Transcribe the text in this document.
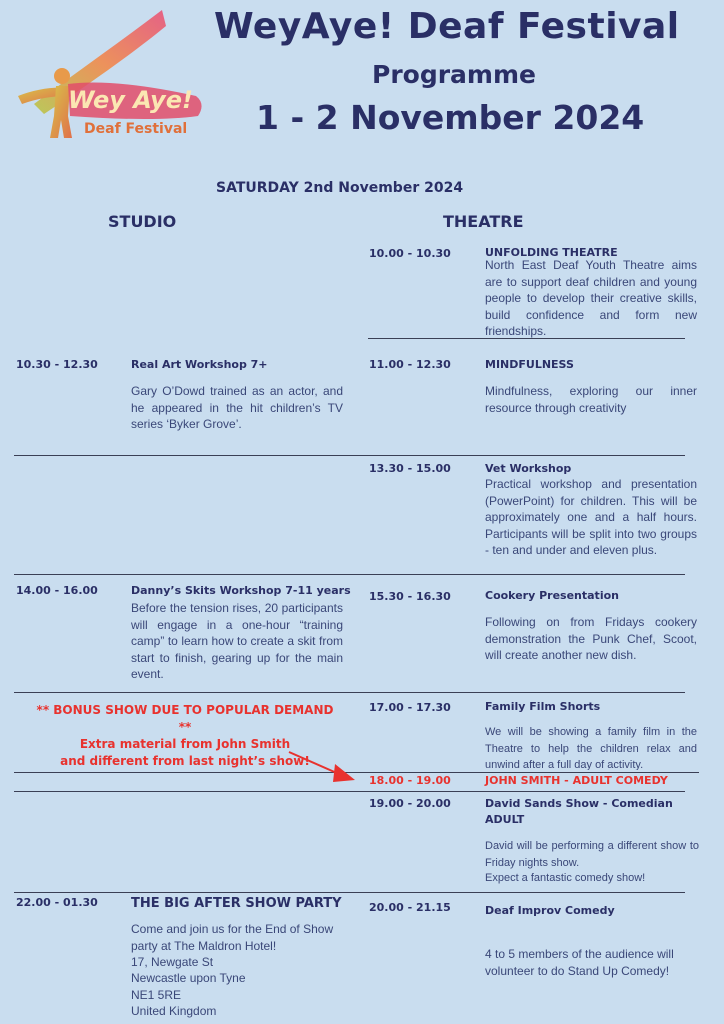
Wey Aye!
Deaf Festival
WeyAye! Deaf Festival
Programme
1 - 2 November 2024
SATURDAY 2nd November 2024
STUDIO	THEATRE
10.00 - 10.30	UNFOLDING THEATRE
North East Deaf Youth Theatre aims are to support deaf children and young people to develop their creative skills, build confidence and form new friendships.
11.00 - 12.30	MINDFULNESS
Mindfulness, exploring our inner resource through creativity
13.30 - 15.00	Vet Workshop
Practical workshop and presentation (PowerPoint) for children. This will be approximately one and a half hours. Participants will be split into two groups - ten and under and eleven plus.
15.30 - 16.30	Cookery Presentation
Following on from Fridays cookery demonstration the Punk Chef, Scoot, will create another new dish.
17.00 - 17.30	Family Film Shorts
We will be showing a family film in the Theatre to help the children relax and unwind after a full day of activity.
18.00 - 19.00	JOHN SMITH - ADULT COMEDY
19.00 - 20.00	David Sands Show - Comedian
ADULT
David will be performing a different show to Friday nights show.
Expect a fantastic comedy show!
20.00 - 21.15	Deaf Improv Comedy
4 to 5 members of the audience will volunteer to do Stand Up Comedy!
10.30 - 12.30	Real Art Workshop 7+
Gary O’Dowd trained as an actor, and he appeared in the hit children’s TV series ‘Byker Grove’.
14.00 - 16.00	Danny’s Skits Workshop 7-11 years
Before the tension rises, 20 participants will engage in a one-hour “training camp” to learn how to create a skit from start to finish, gearing up for the main event.
** BONUS SHOW DUE TO POPULAR DEMAND **
Extra material from John Smith
and different from last night’s show!
22.00 - 01.30	THE BIG AFTER SHOW PARTY
Come and join us for the End of Show party at The Maldron Hotel!
17, Newgate St
Newcastle upon Tyne
NE1 5RE
United Kingdom
